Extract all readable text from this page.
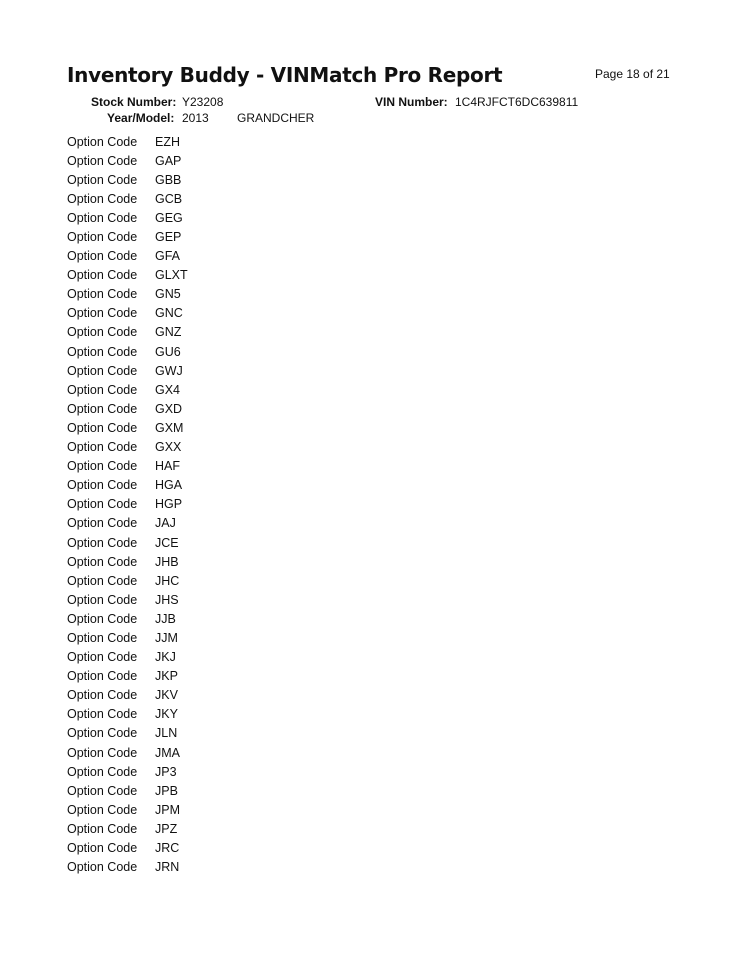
Inventory Buddy - VINMatch Pro Report	Page 18 of 21
Stock Number: Y23208	VIN Number: 1C4RJFCT6DC639811
Year/Model: 2013 GRANDCHER
Option Code	EZH
Option Code	GAP
Option Code	GBB
Option Code	GCB
Option Code	GEG
Option Code	GEP
Option Code	GFA
Option Code	GLXT
Option Code	GN5
Option Code	GNC
Option Code	GNZ
Option Code	GU6
Option Code	GWJ
Option Code	GX4
Option Code	GXD
Option Code	GXM
Option Code	GXX
Option Code	HAF
Option Code	HGA
Option Code	HGP
Option Code	JAJ
Option Code	JCE
Option Code	JHB
Option Code	JHC
Option Code	JHS
Option Code	JJB
Option Code	JJM
Option Code	JKJ
Option Code	JKP
Option Code	JKV
Option Code	JKY
Option Code	JLN
Option Code	JMA
Option Code	JP3
Option Code	JPB
Option Code	JPM
Option Code	JPZ
Option Code	JRC
Option Code	JRN
